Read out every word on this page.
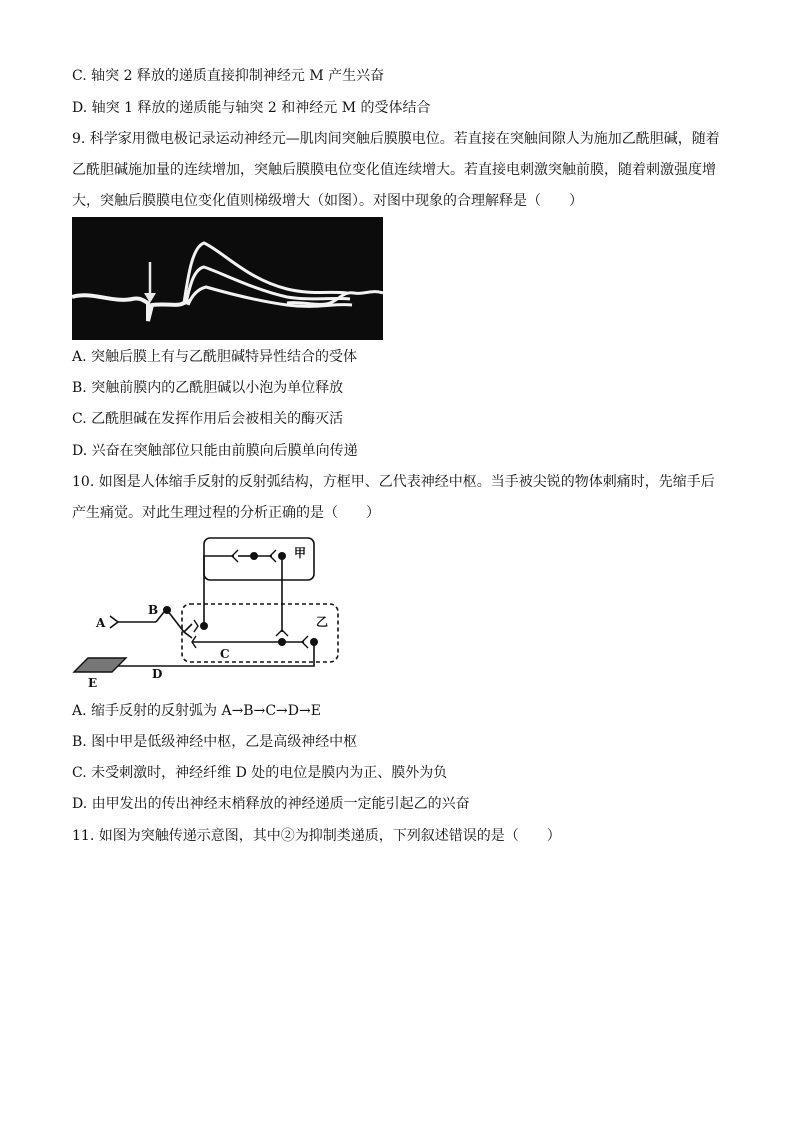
C. 轴突 2 释放的递质直接抑制神经元 M 产生兴奋
D. 轴突 1 释放的递质能与轴突 2 和神经元 M 的受体结合
9. 科学家用微电极记录运动神经元—肌肉间突触后膜膜电位。若直接在突触间隙人为施加乙酰胆碱，随着
乙酰胆碱施加量的连续增加，突触后膜膜电位变化值连续增大。若直接电刺激突触前膜，随着刺激强度增
大，突触后膜膜电位变化值则梯级增大（如图）。对图中现象的合理解释是（　　）
A. 突触后膜上有与乙酰胆碱特异性结合的受体
B. 突触前膜内的乙酰胆碱以小泡为单位释放
C. 乙酰胆碱在发挥作用后会被相关的酶灭活
D. 兴奋在突触部位只能由前膜向后膜单向传递
10. 如图是人体缩手反射的反射弧结构，方框甲、乙代表神经中枢。当手被尖锐的物体刺痛时，先缩手后
产生痛觉。对此生理过程的分析正确的是（　　）
甲
乙
A
B
C
D
E
A. 缩手反射的反射弧为 A→B→C→D→E
B. 图中甲是低级神经中枢，乙是高级神经中枢
C. 未受刺激时，神经纤维 D 处的电位是膜内为正、膜外为负
D. 由甲发出的传出神经末梢释放的神经递质一定能引起乙的兴奋
11. 如图为突触传递示意图，其中②为抑制类递质，下列叙述错误的是（　　）
